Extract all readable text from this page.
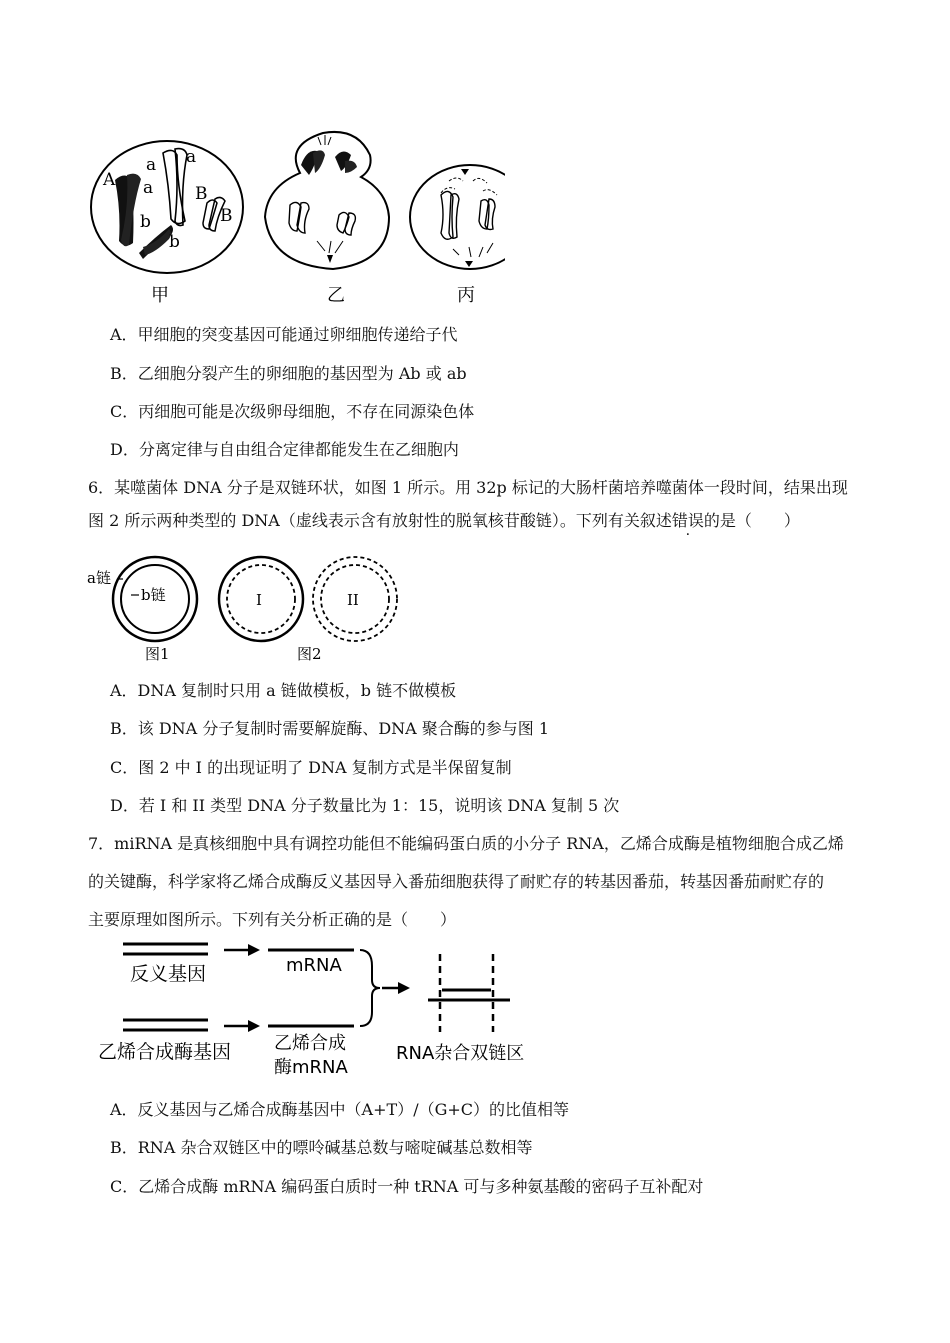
A
a
a
a
B
B
b
b
甲	乙	丙
A．甲细胞的突变基因可能通过卵细胞传递给子代
B．乙细胞分裂产生的卵细胞的基因型为 Ab 或 ab
C．丙细胞可能是次级卵母细胞，不存在同源染色体
D．分离定律与自由组合定律都能发生在乙细胞内
6．某噬菌体 DNA 分子是双链环状，如图 1 所示。用 32p 标记的大肠杆菌培养噬菌体一段时间，结果出现
图 2 所示两种类型的 DNA（虚线表示含有放射性的脱氧核苷酸链）。下列有关叙述错误的是（　　）
a链
b链	I	II
图1	图2
A．DNA 复制时只用 a 链做模板，b 链不做模板
B．该 DNA 分子复制时需要解旋酶、DNA 聚合酶的参与图 1
C．图 2 中 I 的出现证明了 DNA 复制方式是半保留复制
D．若 I 和 II 类型 DNA 分子数量比为 1：15，说明该 DNA 复制 5 次
7．miRNA 是真核细胞中具有调控功能但不能编码蛋白质的小分子 RNA，乙烯合成酶是植物细胞合成乙烯
的关键酶，科学家将乙烯合成酶反义基因导入番茄细胞获得了耐贮存的转基因番茄，转基因番茄耐贮存的
主要原理如图所示。下列有关分析正确的是（　　）
反义基因	mRNA
乙烯合成酶基因 乙烯合成
酶mRNA
RNA杂合双链区
A．反义基因与乙烯合成酶基因中（A+T）/（G+C）的比值相等
B．RNA 杂合双链区中的嘌呤碱基总数与嘧啶碱基总数相等
C．乙烯合成酶 mRNA 编码蛋白质时一种 tRNA 可与多种氨基酸的密码子互补配对
